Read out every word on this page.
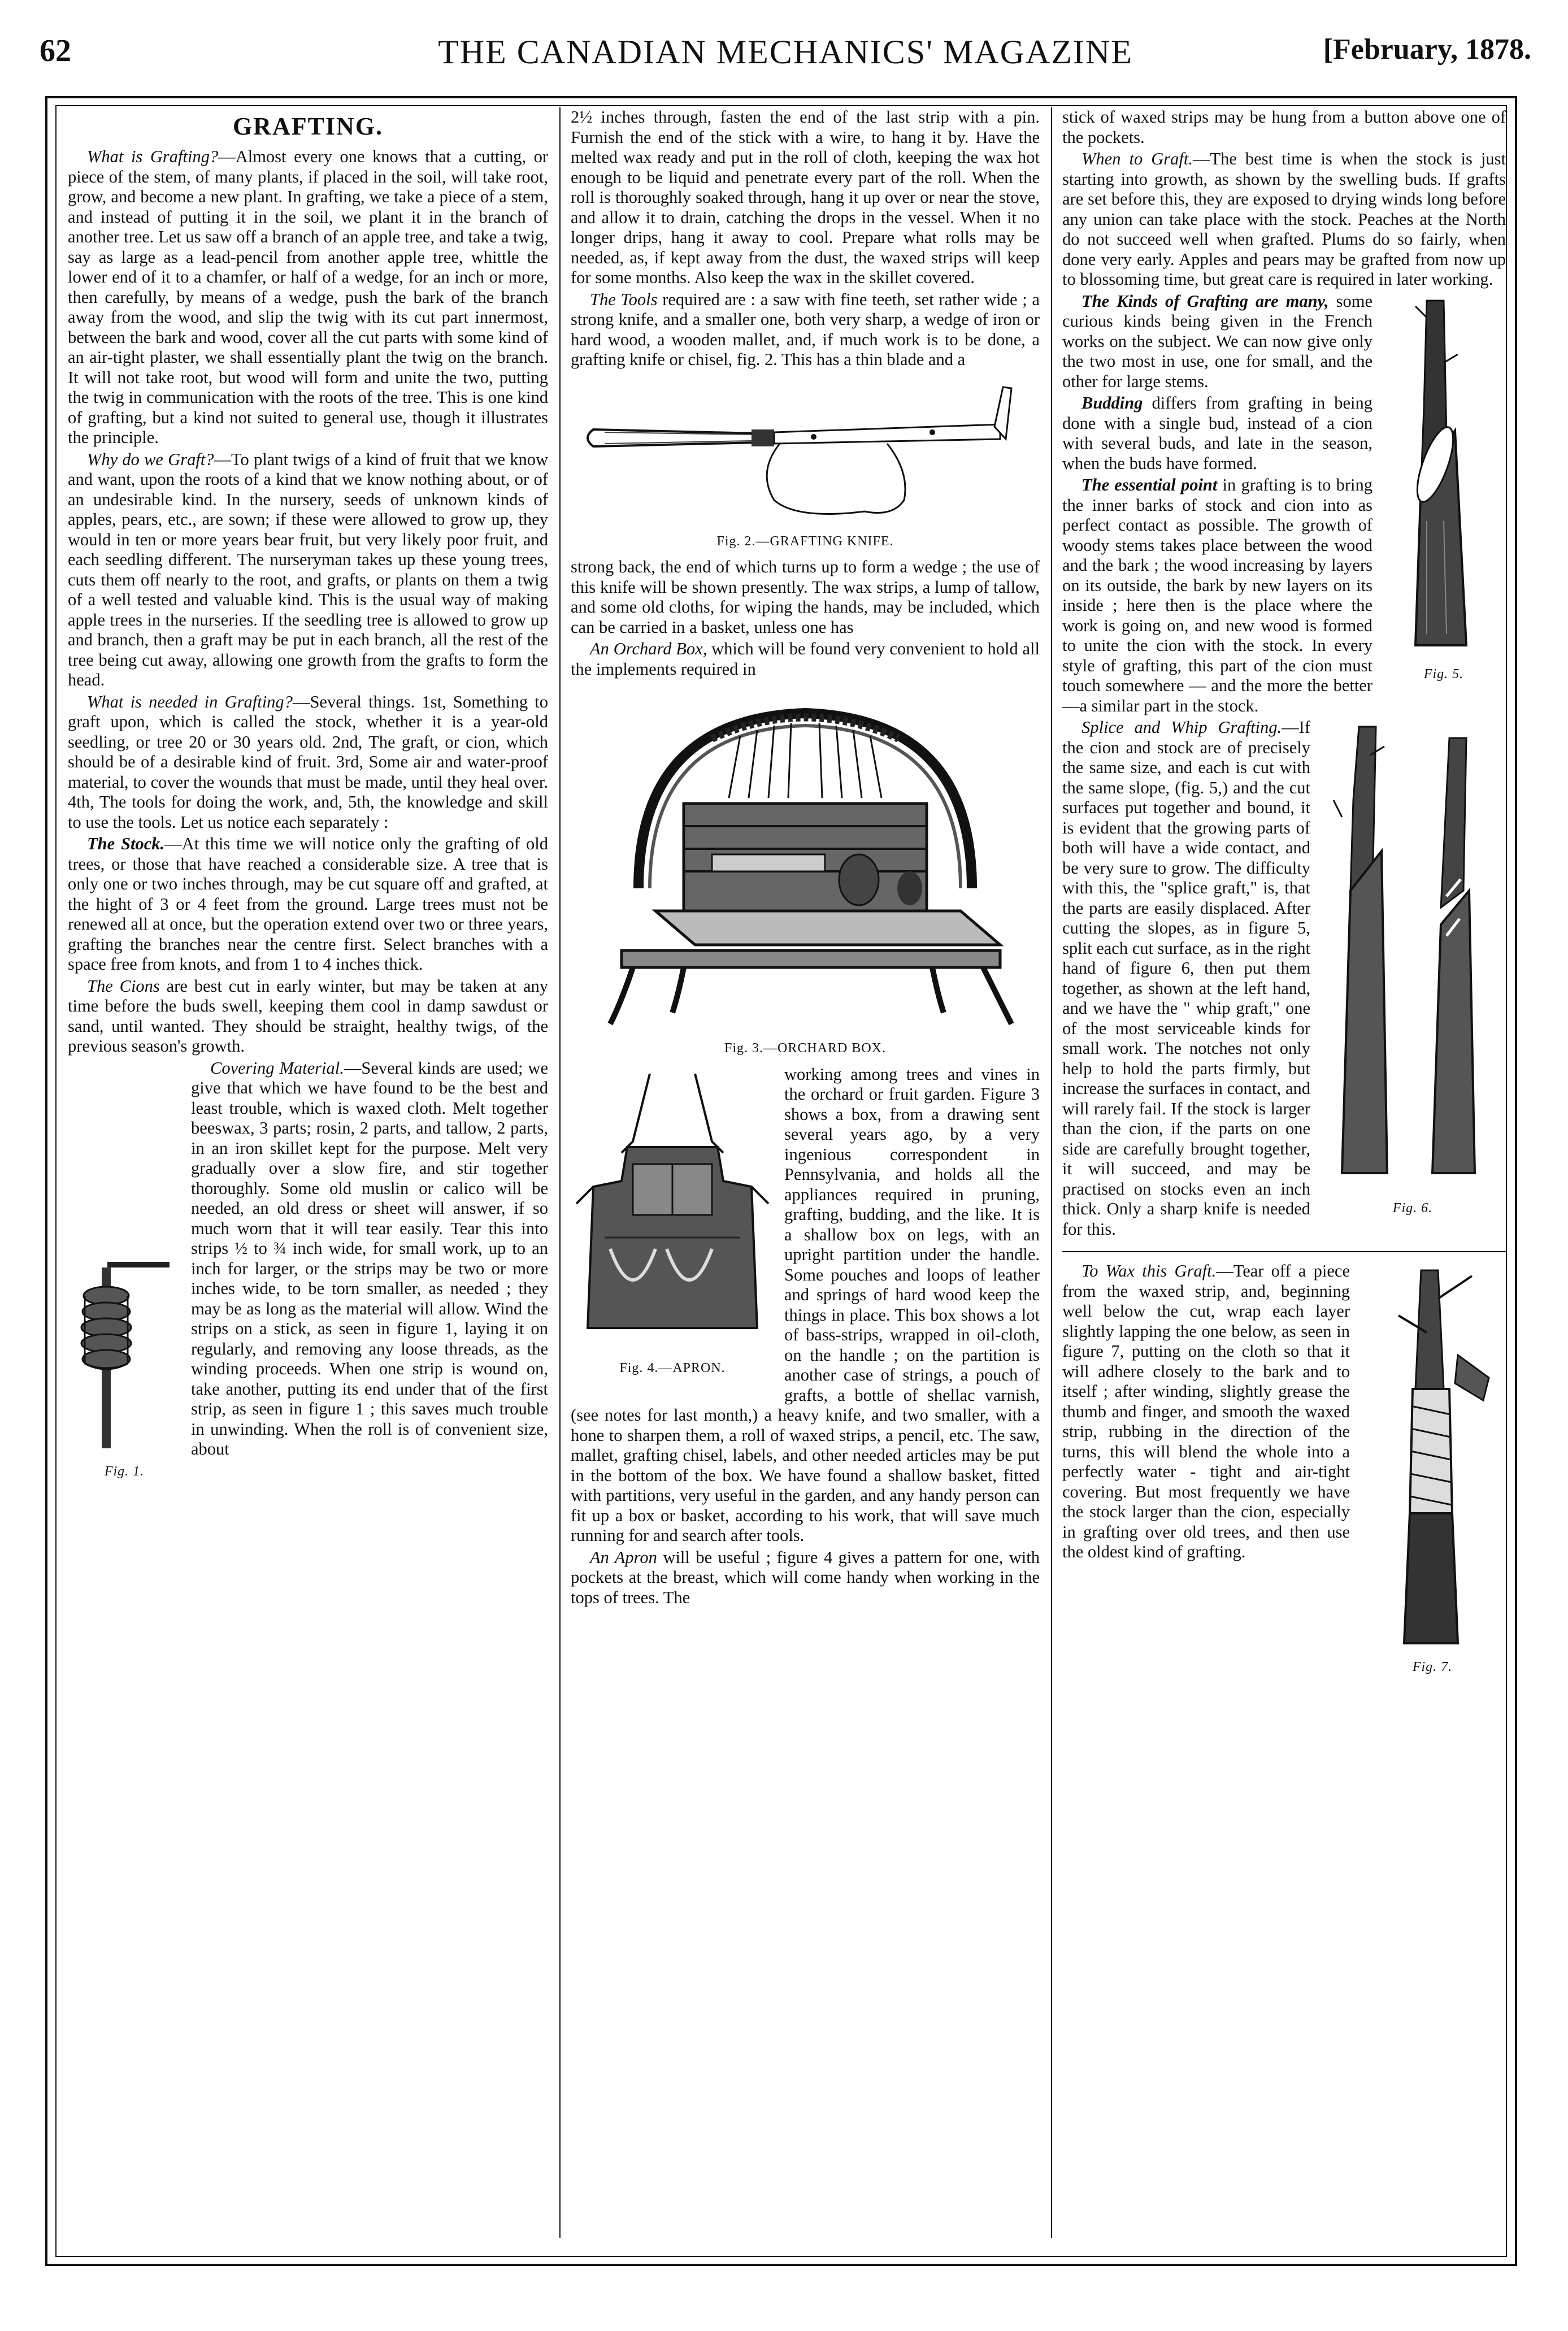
62	THE CANADIAN MECHANICS' MAGAZINE	[February, 1878.
GRAFTING.

What is Grafting?—Almost every one knows that a cutting, or piece of the stem, of many plants, if placed in the soil, will take root, grow, and become a new plant. In grafting, we take a piece of a stem, and instead of putting it in the soil, we plant it in the branch of another tree. Let us saw off a branch of an apple tree, and take a twig, say as large as a lead-pencil from another apple tree, whittle the lower end of it to a chamfer, or half of a wedge, for an inch or more, then carefully, by means of a wedge, push the bark of the branch away from the wood, and slip the twig with its cut part innermost, between the bark and wood, cover all the cut parts with some kind of an air-tight plaster, we shall essentially plant the twig on the branch. It will not take root, but wood will form and unite the two, putting the twig in communication with the roots of the tree. This is one kind of grafting, but a kind not suited to general use, though it illustrates the principle.

Why do we Graft?—To plant twigs of a kind of fruit that we know and want, upon the roots of a kind that we know nothing about, or of an undesirable kind. In the nursery, seeds of unknown kinds of apples, pears, etc., are sown; if these were allowed to grow up, they would in ten or more years bear fruit, but very likely poor fruit, and each seedling different. The nurseryman takes up these young trees, cuts them off nearly to the root, and grafts, or plants on them a twig of a well tested and valuable kind. This is the usual way of making apple trees in the nurseries. If the seedling tree is allowed to grow up and branch, then a graft may be put in each branch, all the rest of the tree being cut away, allowing one growth from the grafts to form the head.

What is needed in Grafting?—Several things. 1st, Something to graft upon, which is called the stock, whether it is a year-old seedling, or tree 20 or 30 years old. 2nd, The graft, or cion, which should be of a desirable kind of fruit. 3rd, Some air and water-proof material, to cover the wounds that must be made, until they heal over. 4th, The tools for doing the work, and, 5th, the knowledge and skill to use the tools. Let us notice each separately :

The Stock.—At this time we will notice only the grafting of old trees, or those that have reached a considerable size. A tree that is only one or two inches through, may be cut square off and grafted, at the hight of 3 or 4 feet from the ground. Large trees must not be renewed all at once, but the operation extend over two or three years, grafting the branches near the centre first. Select branches with a space free from knots, and from 1 to 4 inches thick.

The Cions are best cut in early winter, but may be taken at any time before the buds swell, keeping them cool in damp sawdust or sand, until wanted. They should be straight, healthy twigs, of the previous season's growth.

Fig. 1.

Covering Material.—Several kinds are used; we give that which we have found to be the best and least trouble, which is waxed cloth. Melt together beeswax, 3 parts; rosin, 2 parts, and tallow, 2 parts, in an iron skillet kept for the purpose. Melt very gradually over a slow fire, and stir together thoroughly. Some old muslin or calico will be needed, an old dress or sheet will answer, if so much worn that it will tear easily. Tear this into strips ½ to ¾ inch wide, for small work, up to an inch for larger, or the strips may be two or more inches wide, to be torn smaller, as needed ; they may be as long as the material will allow. Wind the strips on a stick, as seen in figure 1, laying it on regularly, and removing any loose threads, as the winding proceeds. When one strip is wound on, take another, putting its end under that of the first strip, as seen in figure 1 ; this saves much trouble in unwinding. When the roll is of convenient size, about

2½ inches through, fasten the end of the last strip with a pin. Furnish the end of the stick with a wire, to hang it by. Have the melted wax ready and put in the roll of cloth, keeping the wax hot enough to be liquid and penetrate every part of the roll. When the roll is thoroughly soaked through, hang it up over or near the stove, and allow it to drain, catching the drops in the vessel. When it no longer drips, hang it away to cool. Prepare what rolls may be needed, as, if kept away from the dust, the waxed strips will keep for some months. Also keep the wax in the skillet covered.

The Tools required are : a saw with fine teeth, set rather wide ; a strong knife, and a smaller one, both very sharp, a wedge of iron or hard wood, a wooden mallet, and, if much work is to be done, a grafting knife or chisel, fig. 2. This has a thin blade and a

Fig. 2.—GRAFTING KNIFE.

strong back, the end of which turns up to form a wedge ; the use of this knife will be shown presently. The wax strips, a lump of tallow, and some old cloths, for wiping the hands, may be included, which can be carried in a basket, unless one has

An Orchard Box, which will be found very convenient to hold all the implements required in

Fig. 3.—ORCHARD BOX.
Fig. 4.—APRON.

working among trees and vines in the orchard or fruit garden. Figure 3 shows a box, from a drawing sent several years ago, by a very ingenious correspondent in Pennsylvania, and holds all the appliances required in pruning, grafting, budding, and the like. It is a shallow box on legs, with an upright partition under the handle. Some pouches and loops of leather and springs of hard wood keep the things in place. This box shows a lot of bass-strips, wrapped in oil-cloth, on the handle ; on the partition is another case of strings, a pouch of grafts, a bottle of shellac varnish, (see notes for last month,) a heavy knife, and two smaller, with a hone to sharpen them, a roll of waxed strips, a pencil, etc. The saw, mallet, grafting chisel, labels, and other needed articles may be put in the bottom of the box. We have found a shallow basket, fitted with partitions, very useful in the garden, and any handy person can fit up a box or basket, according to his work, that will save much running for and search after tools.

An Apron will be useful ; figure 4 gives a pattern for one, with pockets at the breast, which will come handy when working in the tops of trees. The

stick of waxed strips may be hung from a button above one of the pockets.

When to Graft.—The best time is when the stock is just starting into growth, as shown by the swelling buds. If grafts are set before this, they are exposed to drying winds long before any union can take place with the stock. Peaches at the North do not succeed well when grafted. Plums do so fairly, when done very early. Apples and pears may be grafted from now up to blossoming time, but great care is required in later working.

Fig. 5.

The Kinds of Grafting are many, some curious kinds being given in the French works on the subject. We can now give only the two most in use, one for small, and the other for large stems.

Budding differs from grafting in being done with a single bud, instead of a cion with several buds, and late in the season, when the buds have formed.

The essential point in grafting is to bring the inner barks of stock and cion into as perfect contact as possible. The growth of woody stems takes place between the wood and the bark ; the wood increasing by layers on its outside, the bark by new layers on its inside ; here then is the place where the work is going on, and new wood is formed to unite the cion with the stock. In every style of grafting, this part of the cion must touch somewhere — and the more the better—a similar part in the stock.

Fig. 6.

Splice and Whip Grafting.—If the cion and stock are of precisely the same size, and each is cut with the same slope, (fig. 5,) and the cut surfaces put together and bound, it is evident that the growing parts of both will have a wide contact, and be very sure to grow. The difficulty with this, the "splice graft," is, that the parts are easily displaced. After cutting the slopes, as in figure 5, split each cut surface, as in the right hand of figure 6, then put them together, as shown at the left hand, and we have the " whip graft," one of the most serviceable kinds for small work. The notches not only help to hold the parts firmly, but increase the surfaces in contact, and will rarely fail. If the stock is larger than the cion, if the parts on one side are carefully brought together, it will succeed, and may be practised on stocks even an inch thick. Only a sharp knife is needed for this.

Fig. 7.

To Wax this Graft.—Tear off a piece from the waxed strip, and, beginning well below the cut, wrap each layer slightly lapping the one below, as seen in figure 7, putting on the cloth so that it will adhere closely to the bark and to itself ; after winding, slightly grease the thumb and finger, and smooth the waxed strip, rubbing in the direction of the turns, this will blend the whole into a perfectly water - tight and air-tight covering. But most frequently we have the stock larger than the cion, especially in grafting over old trees, and then use the oldest kind of grafting.
